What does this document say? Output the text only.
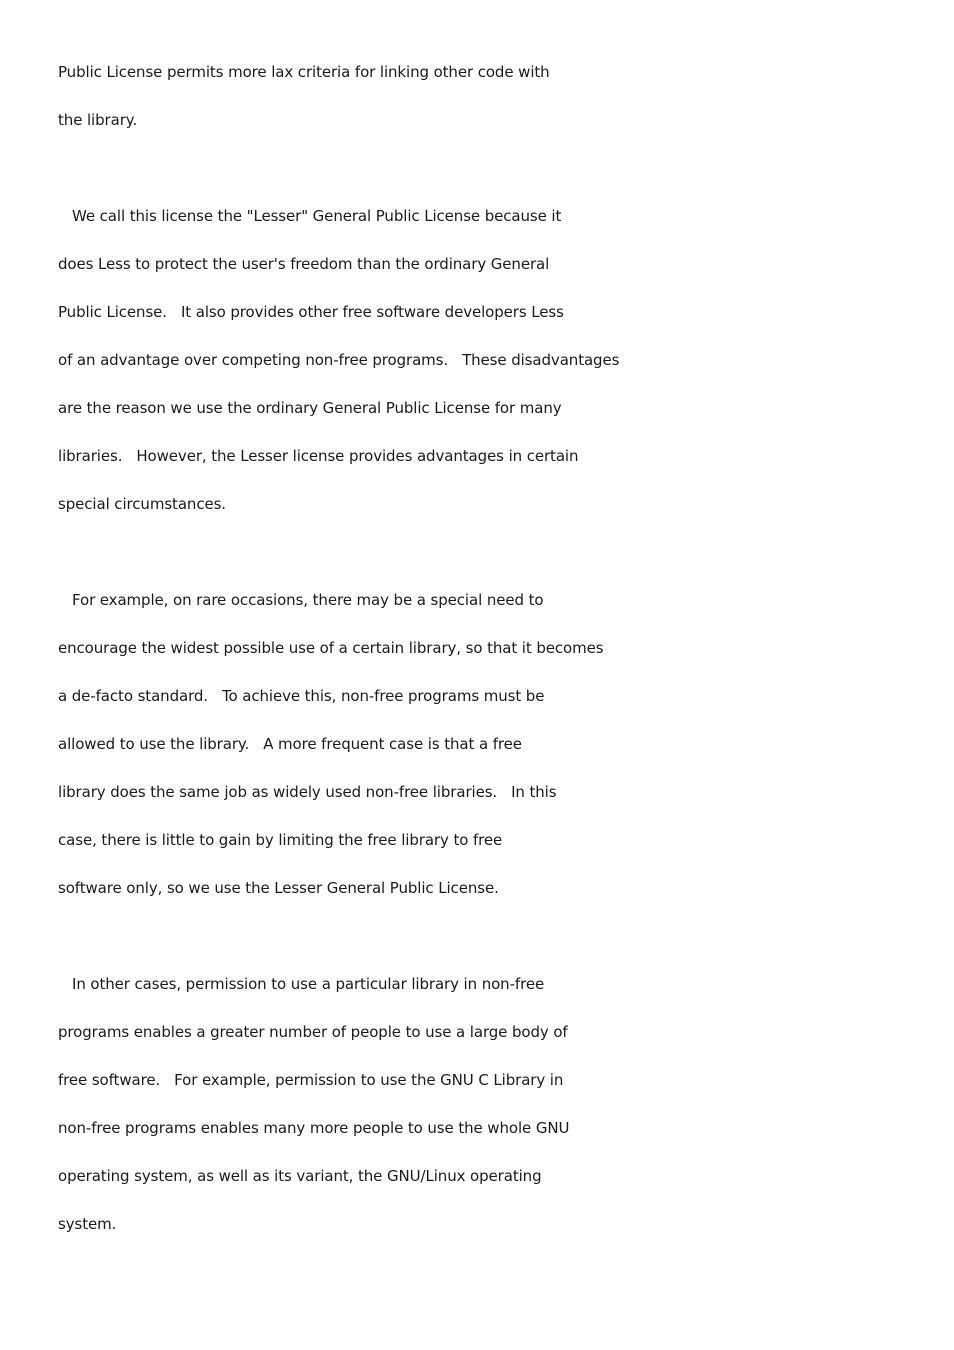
Public License permits more lax criteria for linking other code with
the library.
We call this license the "Lesser" General Public License because it
does Less to protect the user's freedom than the ordinary General
Public License.   It also provides other free software developers Less
of an advantage over competing non-free programs.   These disadvantages
are the reason we use the ordinary General Public License for many
libraries.   However, the Lesser license provides advantages in certain
special circumstances.
For example, on rare occasions, there may be a special need to
encourage the widest possible use of a certain library, so that it becomes
a de-facto standard.   To achieve this, non-free programs must be
allowed to use the library.   A more frequent case is that a free
library does the same job as widely used non-free libraries.   In this
case, there is little to gain by limiting the free library to free
software only, so we use the Lesser General Public License.
In other cases, permission to use a particular library in non-free
programs enables a greater number of people to use a large body of
free software.   For example, permission to use the GNU C Library in
non-free programs enables many more people to use the whole GNU
operating system, as well as its variant, the GNU/Linux operating
system.
